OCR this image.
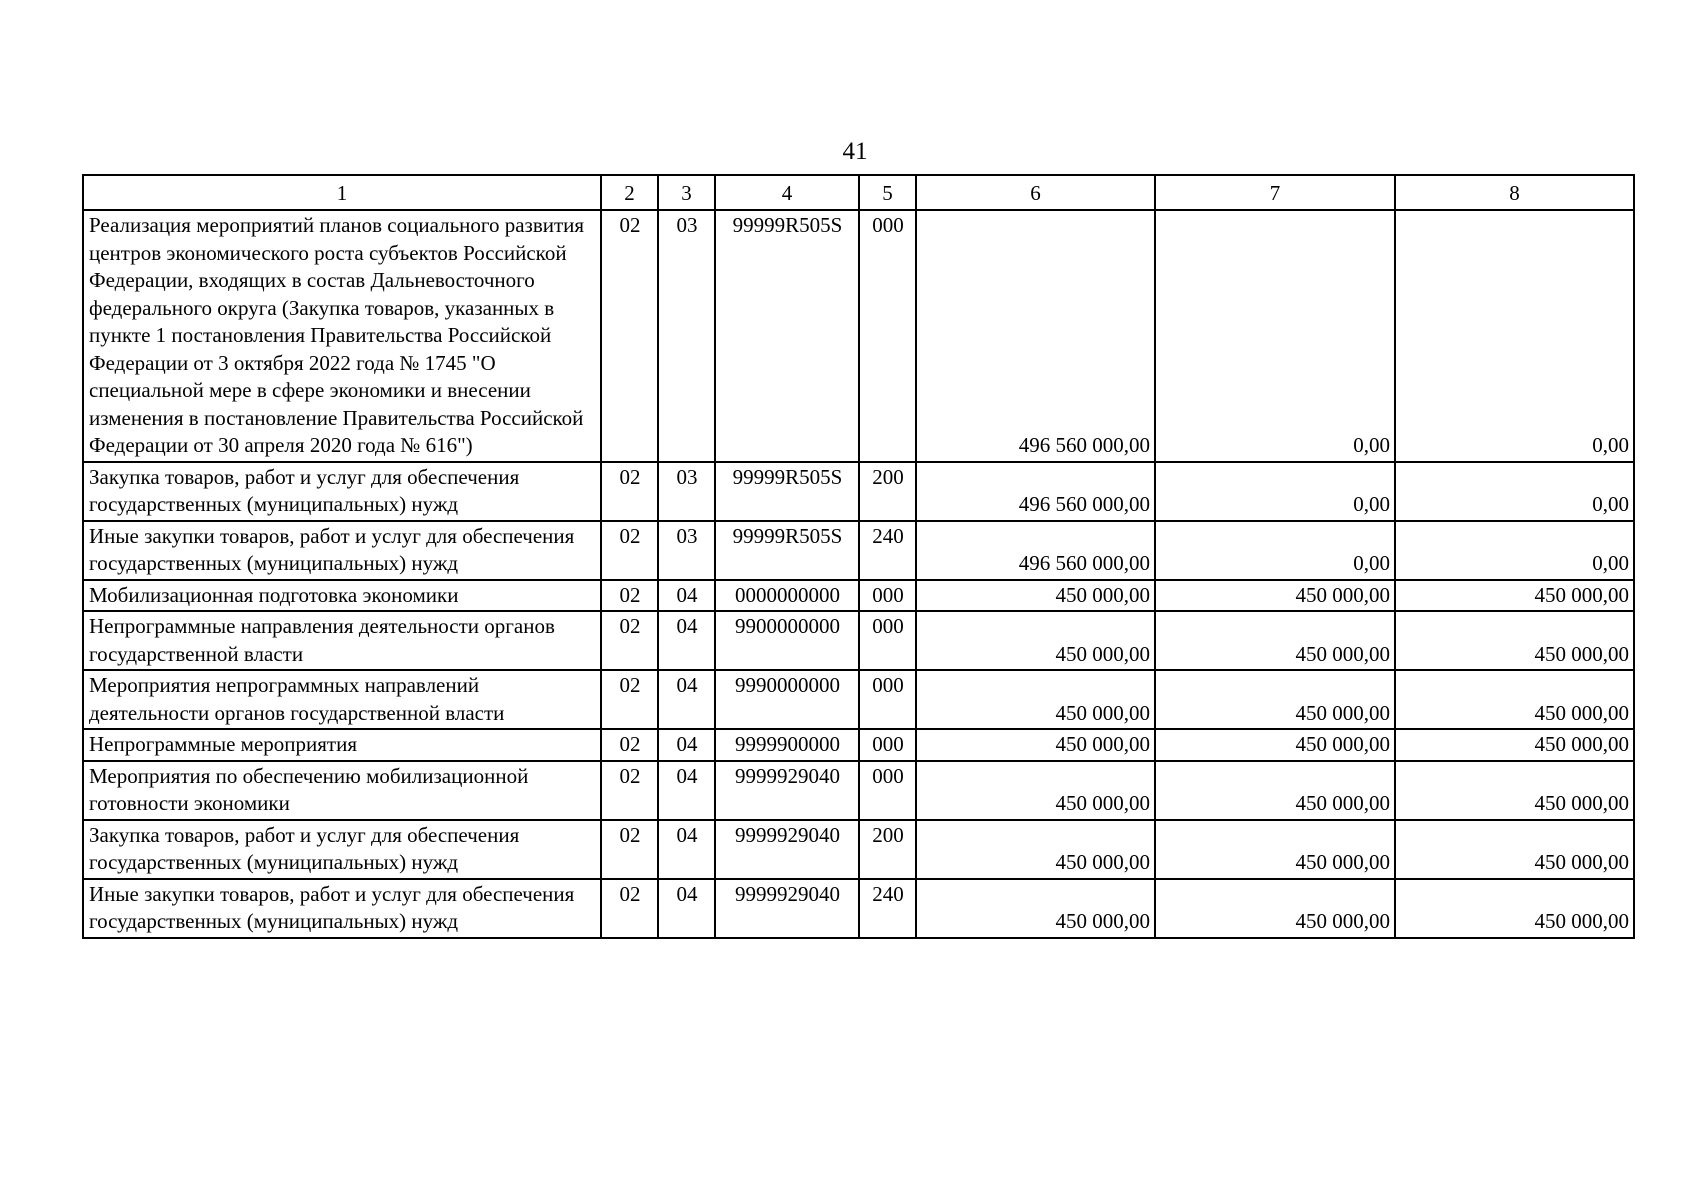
41
1	2	3	4	5	6	7	8
Реализация мероприятий планов социального развития центров экономического роста субъектов Российской Федерации, входящих в состав Дальневосточного федерального округа (Закупка товаров, указанных в пункте 1 постановления Правительства Российской Федерации от 3 октября 2022 года № 1745 "О специальной мере в сфере экономики и внесении изменения в постановление Правительства Российской Федерации от 30 апреля 2020 года № 616")	02	03	99999R505S	000	496 560 000,00	0,00	0,00
Закупка товаров, работ и услуг для обеспечения государственных (муниципальных) нужд	02	03	99999R505S	200	496 560 000,00	0,00	0,00
Иные закупки товаров, работ и услуг для обеспечения государственных (муниципальных) нужд	02	03	99999R505S	240	496 560 000,00	0,00	0,00
Мобилизационная подготовка экономики	02	04	0000000000	000	450 000,00	450 000,00	450 000,00
Непрограммные направления деятельности органов государственной власти	02	04	9900000000	000	450 000,00	450 000,00	450 000,00
Мероприятия непрограммных направлений деятельности органов государственной власти	02	04	9990000000	000	450 000,00	450 000,00	450 000,00
Непрограммные мероприятия	02	04	9999900000	000	450 000,00	450 000,00	450 000,00
Мероприятия по обеспечению мобилизационной готовности экономики	02	04	9999929040	000	450 000,00	450 000,00	450 000,00
Закупка товаров, работ и услуг для обеспечения государственных (муниципальных) нужд	02	04	9999929040	200	450 000,00	450 000,00	450 000,00
Иные закупки товаров, работ и услуг для обеспечения государственных (муниципальных) нужд	02	04	9999929040	240	450 000,00	450 000,00	450 000,00
